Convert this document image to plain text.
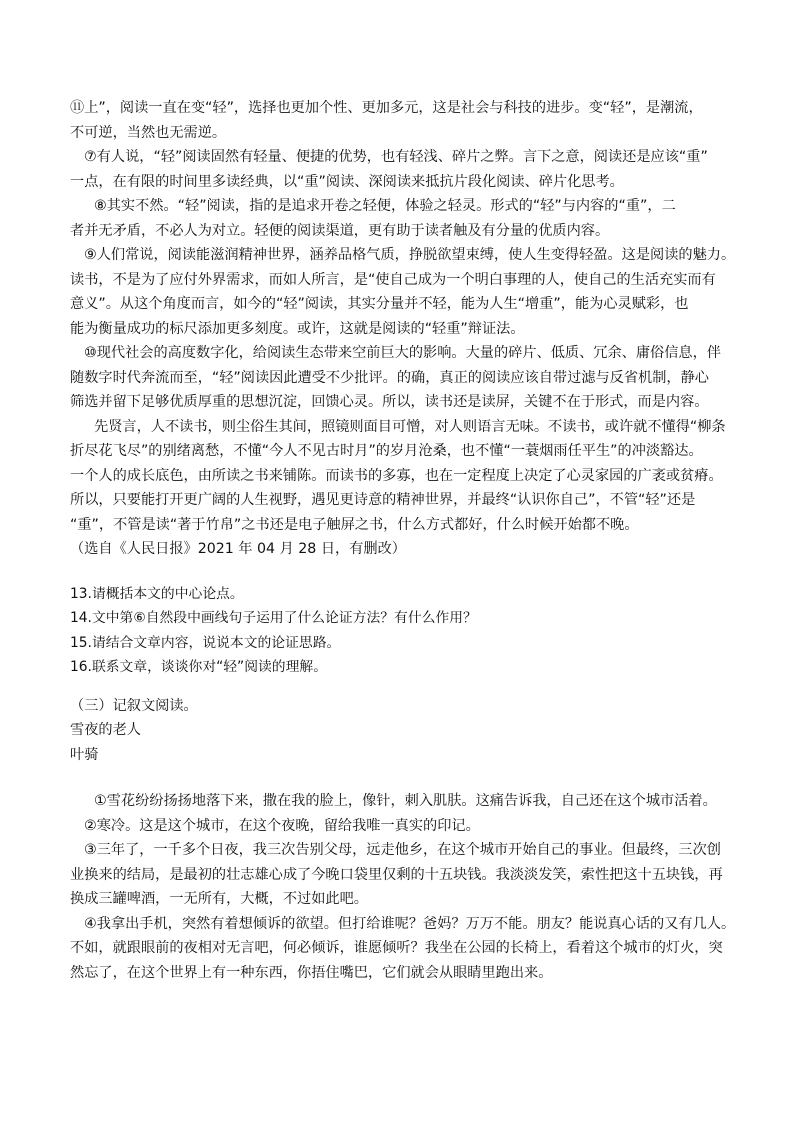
⑪上”，阅读一直在变“轻”，选择也更加个性、更加多元，这是社会与科技的进步。变“轻”，是潮流，

不可逆，当然也无需逆。

⑦有人说，“轻”阅读固然有轻量、便捷的优势，也有轻浅、碎片之弊。言下之意，阅读还是应该“重”

一点，在有限的时间里多读经典，以“重”阅读、深阅读来抵抗片段化阅读、碎片化思考。

⑧其实不然。“轻”阅读，指的是追求开卷之轻便，体验之轻灵。形式的“轻”与内容的“重”，二

者并无矛盾，不必人为对立。轻便的阅读渠道，更有助于读者触及有分量的优质内容。

⑨人们常说，阅读能滋润精神世界，涵养品格气质，挣脱欲望束缚，使人生变得轻盈。这是阅读的魅力。

读书，不是为了应付外界需求，而如人所言，是“使自己成为一个明白事理的人，使自己的生活充实而有

意义”。从这个角度而言，如今的“轻”阅读，其实分量并不轻，能为人生“增重”，能为心灵赋彩，也

能为衡量成功的标尺添加更多刻度。或许，这就是阅读的“轻重”辩证法。

⑩现代社会的高度数字化，给阅读生态带来空前巨大的影响。大量的碎片、低质、冗余、庸俗信息，伴

随数字时代奔流而至，“轻”阅读因此遭受不少批评。的确，真正的阅读应该自带过滤与反省机制，静心

筛选并留下足够优质厚重的思想沉淀，回馈心灵。所以，读书还是读屏，关键不在于形式，而是内容。

先贤言，人不读书，则尘俗生其间，照镜则面目可憎，对人则语言无味。不读书，或许就不懂得“柳条

折尽花飞尽”的别绪离愁，不懂“今人不见古时月”的岁月沧桑，也不懂“一蓑烟雨任平生”的冲淡豁达。

一个人的成长底色，由所读之书来铺陈。而读书的多寡，也在一定程度上决定了心灵家园的广袤或贫瘠。

所以，只要能打开更广阔的人生视野，遇见更诗意的精神世界，并最终“认识你自己”，不管“轻”还是

“重”，不管是读“著于竹帛”之书还是电子触屏之书，什么方式都好，什么时候开始都不晚。

（选自《人民日报》2021 年 04 月 28 日，有删改）

13.请概括本文的中心论点。

14.文中第⑥自然段中画线句子运用了什么论证方法？有什么作用？

15.请结合文章内容，说说本文的论证思路。

16.联系文章，谈谈你对“轻”阅读的理解。

（三）记叙文阅读。

雪夜的老人

叶骑

①雪花纷纷扬扬地落下来，撒在我的脸上，像针，刺入肌肤。这痛告诉我，自己还在这个城市活着。

②寒冷。这是这个城市，在这个夜晚，留给我唯一真实的印记。

③三年了，一千多个日夜，我三次告别父母，远走他乡，在这个城市开始自己的事业。但最终，三次创

业换来的结局，是最初的壮志雄心成了今晚口袋里仅剩的十五块钱。我淡淡发笑，索性把这十五块钱，再

换成三罐啤酒，一无所有，大概，不过如此吧。

④我拿出手机，突然有着想倾诉的欲望。但打给谁呢？爸妈？万万不能。朋友？能说真心话的又有几人。

不如，就跟眼前的夜相对无言吧，何必倾诉，谁愿倾听？我坐在公园的长椅上，看着这个城市的灯火，突

然忘了，在这个世界上有一种东西，你捂住嘴巴，它们就会从眼睛里跑出来。
